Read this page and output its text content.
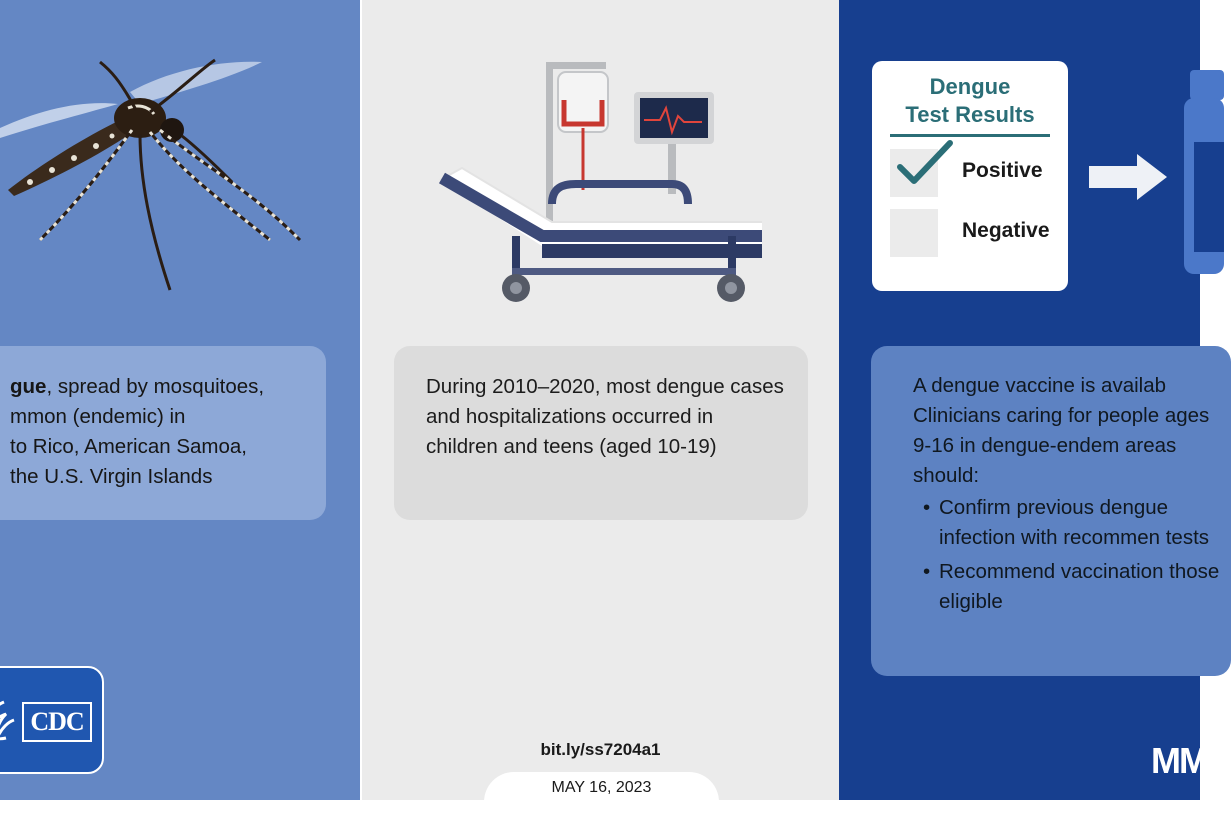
gue, spread by mosquitoes,
mmon (endemic) in
to Rico, American Samoa,
the U.S. Virgin Islands
CDC
During 2010–2020, most dengue cases and hospitalizations occurred in children and teens (aged 10-19)
bit.ly/ss7204a1
MAY 16, 2023
Dengue
Test Results
Positive
Negative
A dengue vaccine is availab Clinicians caring for people ages 9-16 in dengue-endem areas should:
• Confirm previous dengue infection with recommen tests
• Recommend vaccination those eligible
MM
